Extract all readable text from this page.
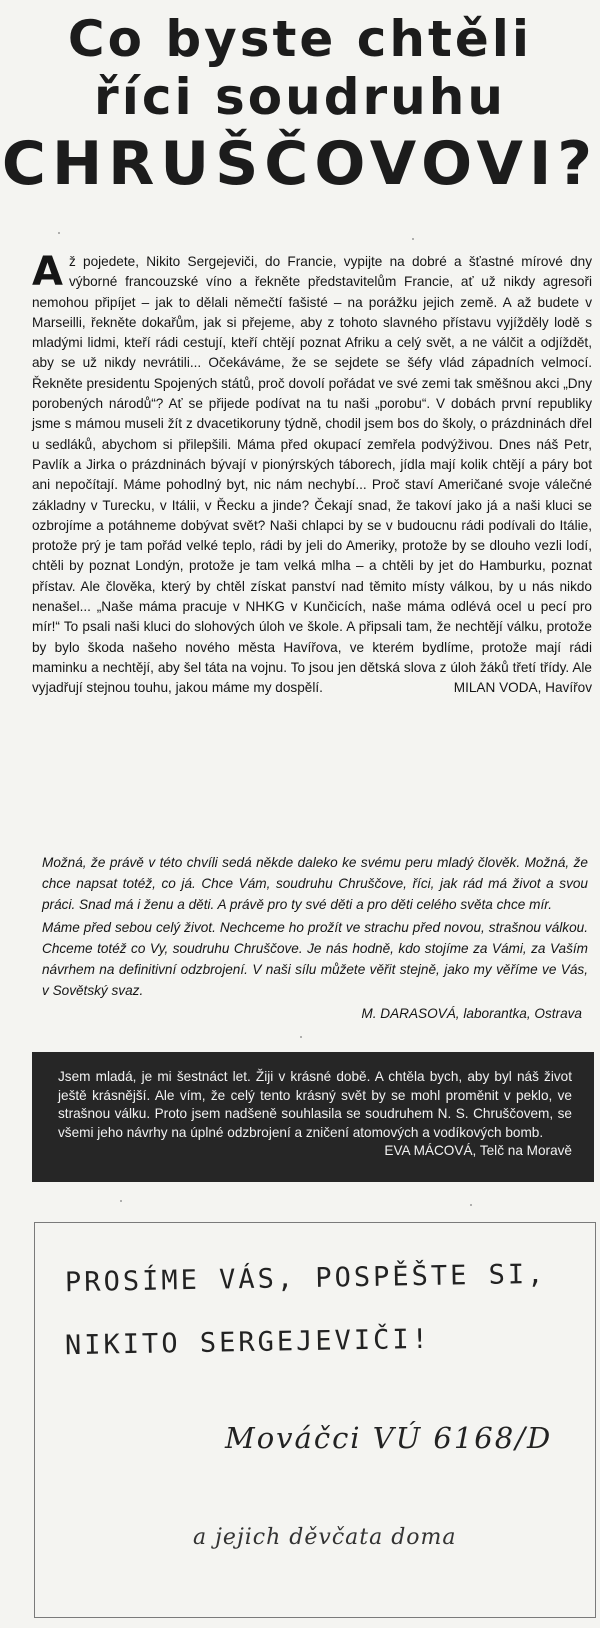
Co byste chtěli
říci soudruhu
CHRUŠČOVOVI?
Až pojedete, Nikito Sergejeviči, do Francie, vypijte na dobré a šťastné mírové dny výborné francouzské víno a řekněte představitelům Francie, ať už nikdy agresoři nemohou připíjet – jak to dělali němečtí fašisté – na porážku jejich země. A až budete v Marseilli, řekněte dokařům, jak si přejeme, aby z tohoto slavného přístavu vyjížděly lodě s mladými lidmi, kteří rádi cestují, kteří chtějí poznat Afriku a celý svět, a ne válčit a odjíždět, aby se už nikdy nevrátili... Očekáváme, že se sejdete se šéfy vlád západních velmocí. Řekněte presidentu Spojených států, proč dovolí pořádat ve své zemi tak směšnou akci „Dny porobených národů“? Ať se přijede podívat na tu naši „porobu“. V dobách první republiky jsme s mámou museli žít z dvacetikoruny týdně, chodil jsem bos do školy, o prázdninách dřel u sedláků, abychom si přilepšili. Máma před okupací zemřela podvýživou. Dnes náš Petr, Pavlík a Jirka o prázdninách bývají v pionýrských táborech, jídla mají kolik chtějí a páry bot ani nepočítají. Máme pohodlný byt, nic nám nechybí... Proč staví Američané svoje válečné základny v Turecku, v Itálii, v Řecku a jinde? Čekají snad, že takoví jako já a naši kluci se ozbrojíme a potáhneme dobývat svět? Naši chlapci by se v budoucnu rádi podívali do Itálie, protože prý je tam pořád velké teplo, rádi by jeli do Ameriky, protože by se dlouho vezli lodí, chtěli by poznat Londýn, protože je tam velká mlha – a chtěli by jet do Hamburku, poznat přístav. Ale člověka, který by chtěl získat panství nad těmito místy válkou, by u nás nikdo nenašel... „Naše máma pracuje v NHKG v Kunčicích, naše máma odlévá ocel u pecí pro mír!“ To psali naši kluci do slohových úloh ve škole. A připsali tam, že nechtějí válku, protože by bylo škoda našeho nového města Havířova, ve kterém bydlíme, protože mají rádi maminku a nechtějí, aby šel táta na vojnu. To jsou jen dětská slova z úloh žáků třetí třídy. Ale vyjadřují stejnou touhu, jakou máme my dospělí.	MILAN VODA, Havířov

Možná, že právě v této chvíli sedá někde daleko ke svému peru mladý člověk. Možná, že chce napsat totéž, co já. Chce Vám, soudruhu Chruščove, říci, jak rád má život a svou práci. Snad má i ženu a děti. A právě pro ty své děti a pro děti celého světa chce mír.

Máme před sebou celý život. Nechceme ho prožít ve strachu před novou, strašnou válkou. Chceme totéž co Vy, soudruhu Chruščove. Je nás hodně, kdo stojíme za Vámi, za Vaším návrhem na definitivní odzbrojení. V naši sílu můžete věřit stejně, jako my věříme ve Vás, v Sovětský svaz.

M. DARASOVÁ, laborantka, Ostrava

Jsem mladá, je mi šestnáct let. Žiji v krásné době. A chtěla bych, aby byl náš život ještě krásnější. Ale vím, že celý tento krásný svět by se mohl proměnit v peklo, ve strašnou válku. Proto jsem nadšeně souhlasila se soudruhem N. S. Chruščovem, se všemi jeho návrhy na úplné odzbrojení a zničení atomových a vodíkových bomb.
EVA MÁCOVÁ, Telč na Moravě

PROSÍME VÁS, POSPĚŠTE SI,

NIKITO SERGEJEVIČI!

Mováčci VÚ 6168/D

a jejich děvčata doma
